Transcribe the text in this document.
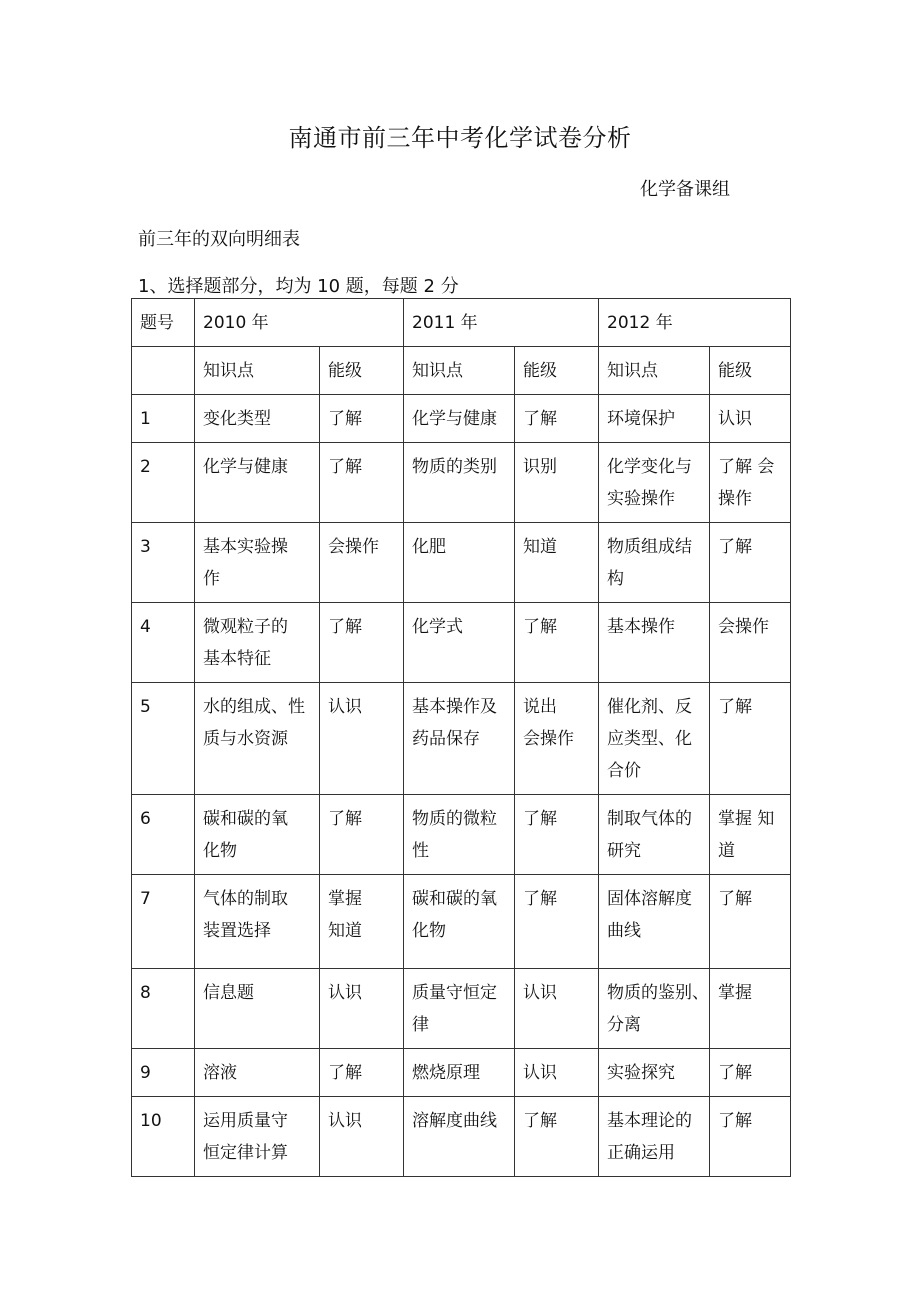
南通市前三年中考化学试卷分析
化学备课组
前三年的双向明细表
1、选择题部分，均为 10 题，每题 2 分
题号	2010 年		2011 年		2012 年	
	知识点	能级	知识点	能级	知识点	能级

1	变化类型	了解	化学与健康	了解	环境保护	认识

2	化学与健康	了解	物质的类别	识别	化学变化与
实验操作	了解 会
操作

3	基本实验操
作	会操作	化肥	知道	物质组成结
构	了解

4	微观粒子的
基本特征	了解	化学式	了解	基本操作	会操作

5	水的组成、性
质与水资源	认识	基本操作及
药品保存	说出
会操作	催化剂、反
应类型、化
合价	了解

6	碳和碳的氧
化物	了解	物质的微粒
性	了解	制取气体的
研究	掌握 知
道

7	气体的制取
装置选择	掌握
知道	碳和碳的氧
化物	了解	固体溶解度
曲线	了解

8	信息题	认识	质量守恒定
律	认识	物质的鉴别、
分离	掌握

9	溶液	了解	燃烧原理	认识	实验探究	了解

10	运用质量守
恒定律计算	认识	溶解度曲线	了解	基本理论的
正确运用	了解
